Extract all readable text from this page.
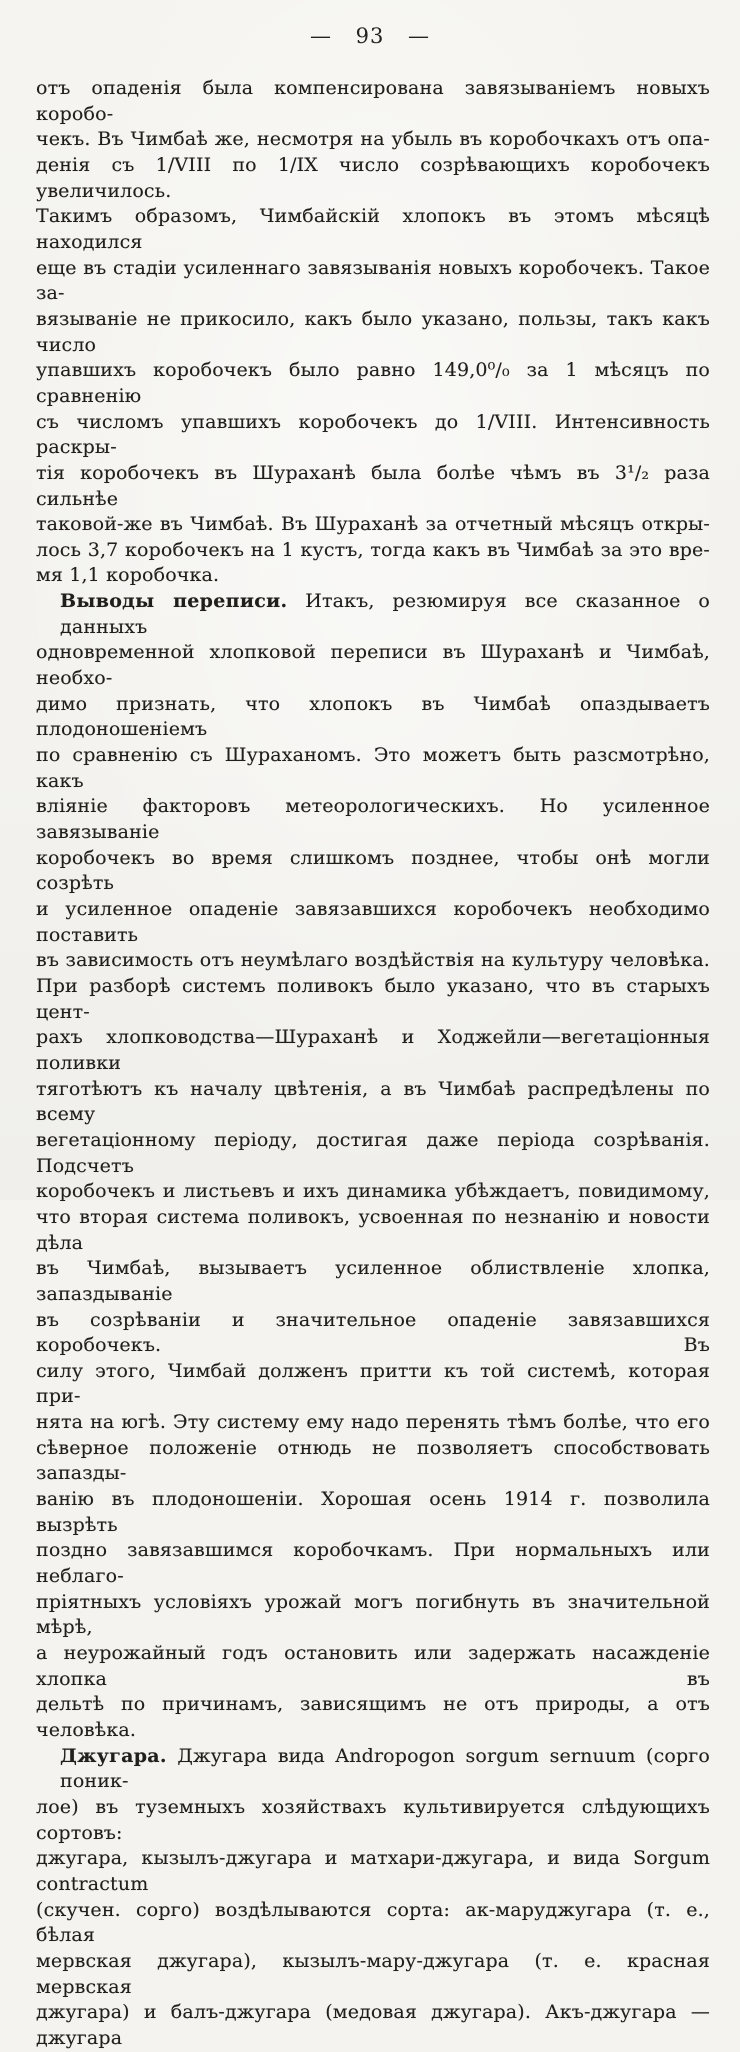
— 93 —
отъ опаденія была компенсирована завязываніемъ новыхъ коробо-
чекъ. Въ Чимбаѣ же, несмотря на убыль въ коробочкахъ отъ опа-
денія съ 1/VIII по 1/IX число созрѣвающихъ коробочекъ увеличилось.
Такимъ образомъ, Чимбайскій хлопокъ въ этомъ мѣсяцѣ находился
еще въ стадіи усиленнаго завязыванія новыхъ коробочекъ. Такое за-
вязываніе не прикосило, какъ было указано, пользы, такъ какъ число
упавшихъ коробочекъ было равно 149,0⁰/₀ за 1 мѣсяцъ по сравненію
съ числомъ упавшихъ коробочекъ до 1/VIII. Интенсивность раскры-
тія коробочекъ въ Шураханѣ была болѣе чѣмъ въ 3¹/₂ раза сильнѣе
таковой-же въ Чимбаѣ. Въ Шураханѣ за отчетный мѣсяцъ откры-
лось 3,7 коробочекъ на 1 кустъ, тогда какъ въ Чимбаѣ за это вре-
мя 1,1 коробочка.
Выводы переписи. Итакъ, резюмируя все сказанное о данныхъ
одновременной хлопковой переписи въ Шураханѣ и Чимбаѣ, необхо-
димо признать, что хлопокъ въ Чимбаѣ опаздываетъ плодоношеніемъ
по сравненію съ Шураханомъ. Это можетъ быть разсмотрѣно, какъ
вліяніе факторовъ метеорологическихъ. Но усиленное завязываніе
коробочекъ во время слишкомъ позднее, чтобы онѣ могли созрѣть
и усиленное опаденіе завязавшихся коробочекъ необходимо поставить
въ зависимость отъ неумѣлаго воздѣйствія на культуру человѣка.
При разборѣ системъ поливокъ было указано, что въ старыхъ цент-
рахъ хлопководства—Шураханѣ и Ходжейли—вегетаціонныя поливки
тяготѣютъ къ началу цвѣтенія, а въ Чимбаѣ распредѣлены по всему
вегетаціонному періоду, достигая даже періода созрѣванія. Подсчетъ
коробочекъ и листьевъ и ихъ динамика убѣждаетъ, повидимому,
что вторая система поливокъ, усвоенная по незнанію и новости дѣла
въ Чимбаѣ, вызываетъ усиленное облиствленіе хлопка, запаздываніе
въ созрѣваніи и значительное опаденіе завязавшихся коробочекъ. Въ
силу этого, Чимбай долженъ притти къ той системѣ, которая при-
нята на югѣ. Эту систему ему надо перенять тѣмъ болѣе, что его
сѣверное положеніе отнюдь не позволяетъ способствовать запазды-
ванію въ плодоношеніи. Хорошая осень 1914 г. позволила вызрѣть
поздно завязавшимся коробочкамъ. При нормальныхъ или неблаго-
пріятныхъ условіяхъ урожай могъ погибнуть въ значительной мѣрѣ,
а неурожайный годъ остановить или задержать насажденіе хлопка въ
дельтѣ по причинамъ, зависящимъ не отъ природы, а отъ человѣка.
Джугара. Джугара вида Andropogon sorgum sernuum (сорго поник-
лое) въ туземныхъ хозяйствахъ культивируется слѣдующихъ сортовъ:
джугара, кызылъ-джугара и матхари-джугара, и вида Sorgum contractum
(скучен. сорго) воздѣлываются сорта: ак-маруджугара (т. е., бѣлая
мервская джугара), кызылъ-мару-джугара (т. е. красная мервская
джугара) и балъ-джугара (медовая джугара). Акъ-джугара — джугара
